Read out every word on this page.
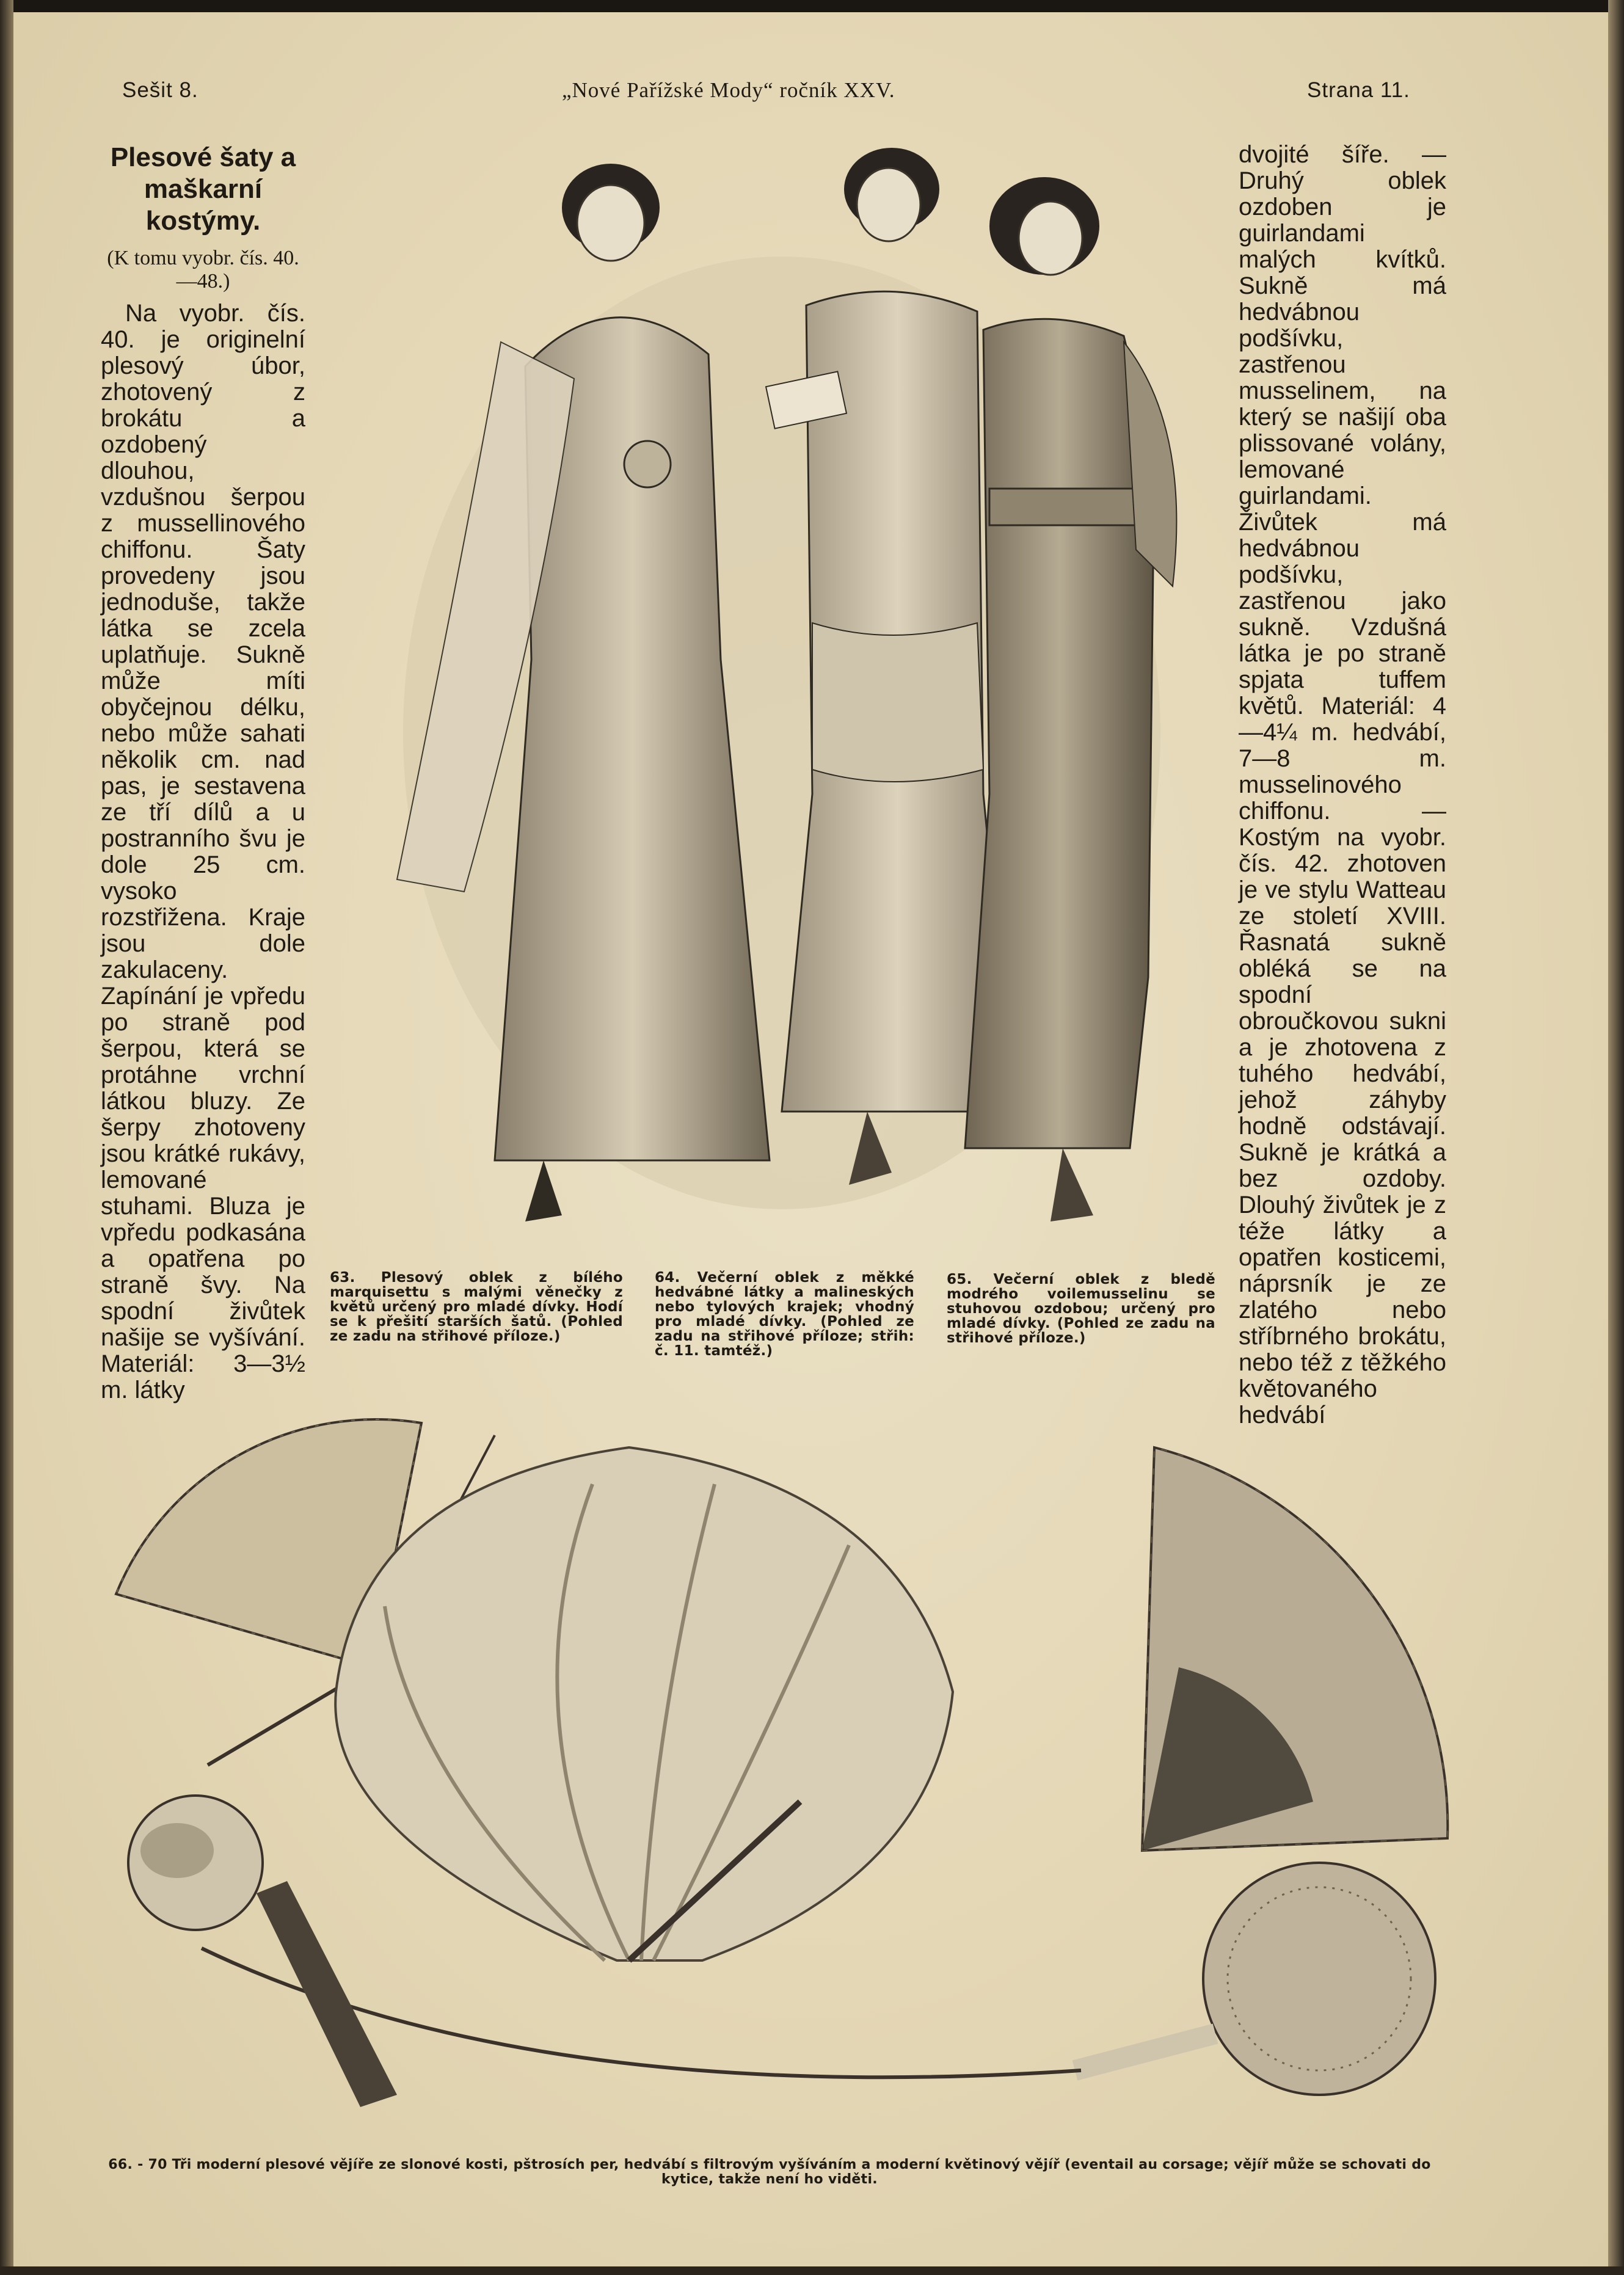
Sešit 8.	„Nové Pařížské Mody“ ročník XXV.	Strana 11.
Plesové šaty a maškarní kostýmy.
(K tomu vyobr. čís. 40.—48.)

Na vyobr. čís. 40. je originelní plesový úbor, zhotovený z brokátu a ozdobený dlouhou, vzdušnou šerpou z mussellinového chiffonu. Šaty provedeny jsou jednoduše, takže látka se zcela uplatňuje. Sukně může míti obyčejnou délku, nebo může sahati několik cm. nad pas, je sestavena ze tří dílů a u postranního švu je dole 25 cm. vysoko rozstřižena. Kraje jsou dole zakulaceny. Zapínání je vpředu po straně pod šerpou, která se protáhne vrchní látkou bluzy. Ze šerpy zhotoveny jsou krátké rukávy, lemované stuhami. Bluza je vpředu podkasána a opatřena po straně švy. Na spodní živůtek našije se vyšívání. Materiál: 3—3½ m. látky

dvojité šíře. — Druhý oblek ozdoben je guirlandami malých kvítků. Sukně má hedvábnou podšívku, zastřenou musselinem, na který se našijí oba plissované volány, lemované guirlandami. Živůtek má hedvábnou podšívku, zastřenou jako sukně. Vzdušná látka je po straně spjata tuffem květů. Materiál: 4—4¼ m. hedvábí, 7—8 m. musselinového chiffonu. — Kostým na vyobr. čís. 42. zhotoven je ve stylu Watteau ze století XVIII. Řasnatá sukně obléká se na spodní obroučkovou sukni a je zhotovena z tuhého hedvábí, jehož záhyby hodně odstávají. Sukně je krátká a bez ozdoby. Dlouhý živůtek je z téže látky a opatřen kosticemi, náprsník je ze zlatého nebo stříbrného brokátu, nebo též z těžkého květovaného hedvábí

63. Plesový oblek z bílého marquisettu s malými věnečky z květů určený pro mladé dívky. Hodí se k přešití starších šatů. (Pohled ze zadu na střihové příloze.)
64. Večerní oblek z měkké hedvábné látky a malineských nebo tylových krajek; vhodný pro mladé dívky. (Pohled ze zadu na střihové příloze; střih: č. 11. tamtéž.)
65. Večerní oblek z bledě modrého voilemusselinu se stuhovou ozdobou; určený pro mladé dívky. (Pohled ze zadu na střihové příloze.)
66. - 70 Tři moderní plesové vějíře ze slonové kosti, pštrosích per, hedvábí s filtrovým vyšíváním a moderní květinový vějíř (eventail au corsage; vějíř může se schovati do kytice, takže není ho viděti.
